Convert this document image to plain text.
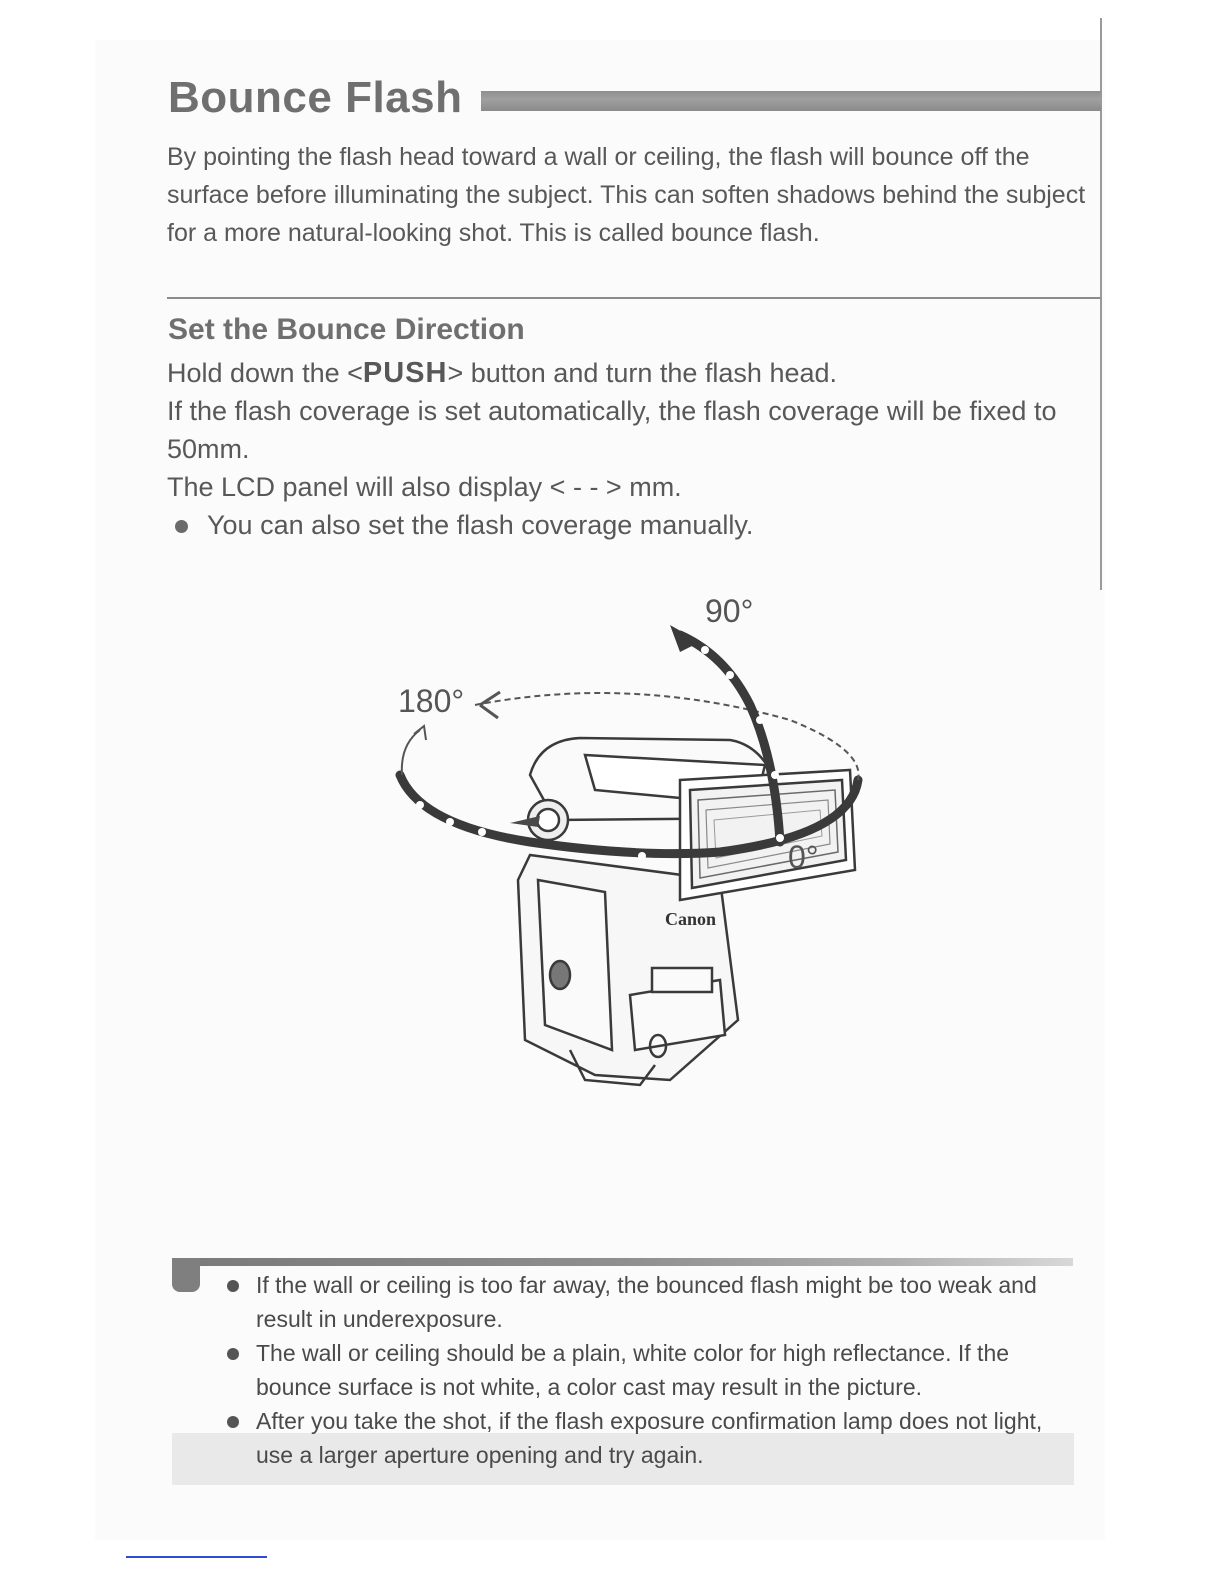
Bounce Flash

By pointing the flash head toward a wall or ceiling, the flash will bounce off the surface before illuminating the subject. This can soften shadows behind the subject for a more natural-looking shot. This is called bounce flash.

Set the Bounce Direction

Hold down the <PUSH> button and turn the flash head.

If the flash coverage is set automatically, the flash coverage will be fixed to 50mm.

The LCD panel will also display < - - > mm.

You can also set the flash coverage manually.

Canon
90°
180°
0°

If the wall or ceiling is too far away, the bounced flash might be too weak and result in underexposure.

The wall or ceiling should be a plain, white color for high reflectance. If the bounce surface is not white, a color cast may result in the picture.

After you take the shot, if the flash exposure confirmation lamp does not light, use a larger aperture opening and try again.
